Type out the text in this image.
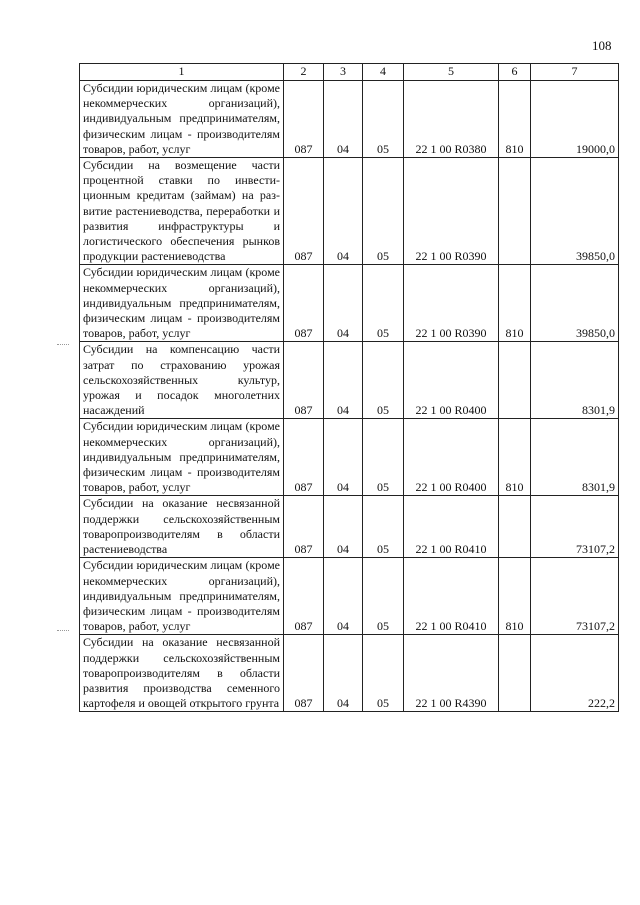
108
1	2	3	4	5	6	7
Субсидии юридическим лицам (кроме некоммерческих организаций), индивидуальным предпринимателям, физическим лицам - производителям товаров, работ, услуг	087	04	05	22 1 00 R0380	810	19000,0
Субсидии на возмещение части процентной ставки по инвестиционным кредитам (займам) на развитие растениеводства, переработки и развития инфраструктуры и логистического обеспечения рынков продукции растениеводства	087	04	05	22 1 00 R0390		39850,0
Субсидии юридическим лицам (кроме некоммерческих организаций), индивидуальным предпринимателям, физическим лицам - производителям товаров, работ, услуг	087	04	05	22 1 00 R0390	810	39850,0
Субсидии на компенсацию части затрат по страхованию урожая сельскохозяйственных культур, урожая и посадок многолетних насаждений	087	04	05	22 1 00 R0400		8301,9
Субсидии юридическим лицам (кроме некоммерческих организаций), индивидуальным предпринимателям, физическим лицам - производителям товаров, работ, услуг	087	04	05	22 1 00 R0400	810	8301,9
Субсидии на оказание несвязанной поддержки сельскохозяйственным товаропроизводителям в области растениеводства	087	04	05	22 1 00 R0410		73107,2
Субсидии юридическим лицам (кроме некоммерческих организаций), индивидуальным предпринимателям, физическим лицам - производителям товаров, работ, услуг	087	04	05	22 1 00 R0410	810	73107,2
Субсидии на оказание несвязанной поддержки сельскохозяйственным товаропроизводителям в области развития производства семенного картофеля и овощей открытого грунта	087	04	05	22 1 00 R4390		222,2
